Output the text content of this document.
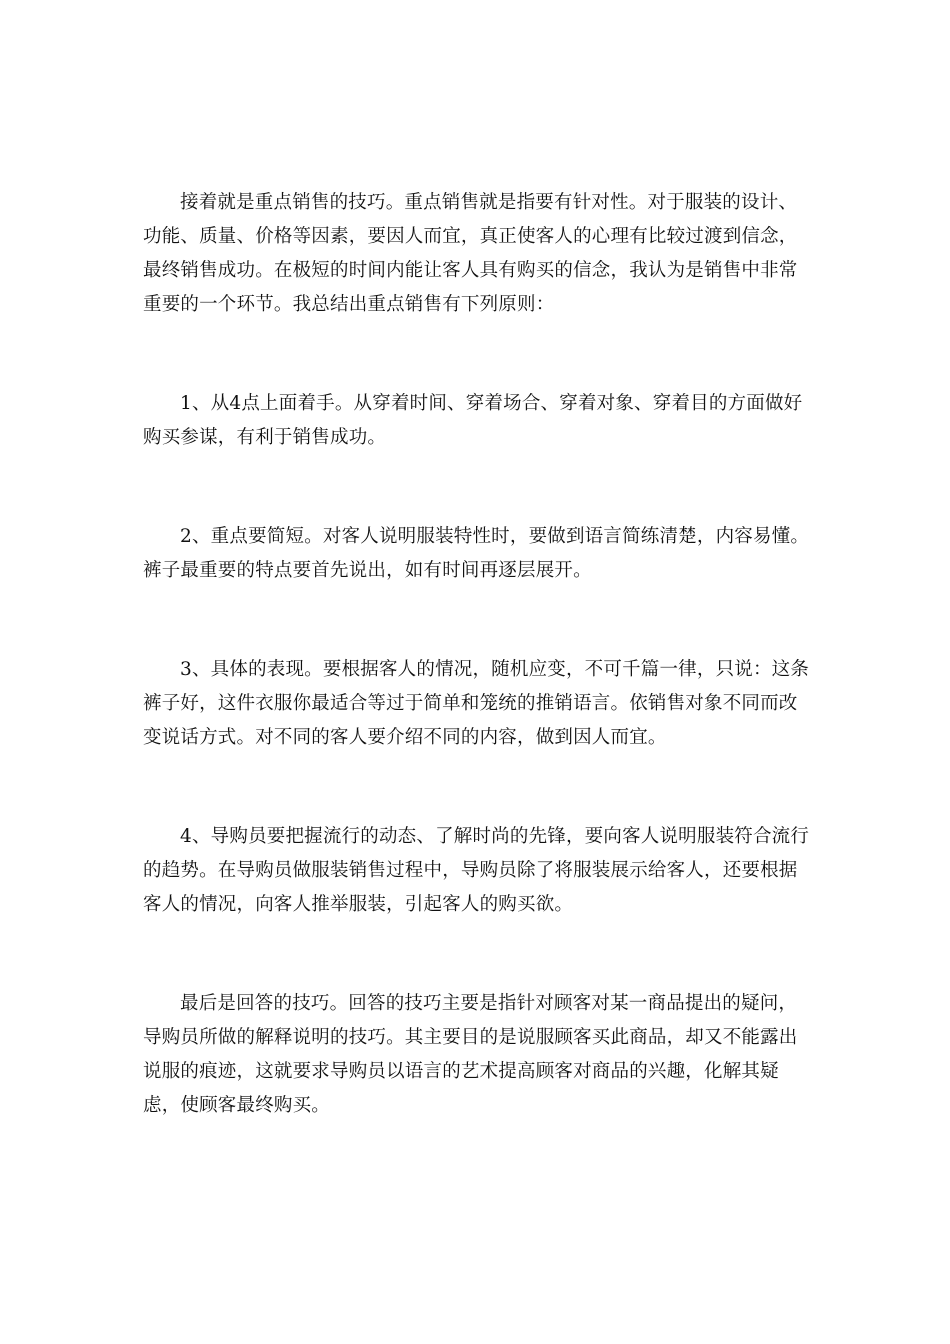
接着就是重点销售的技巧。重点销售就是指要有针对性。对于服装的设计、功能、质量、价格等因素，要因人而宜，真正使客人的心理有比较过渡到信念，最终销售成功。在极短的时间内能让客人具有购买的信念，我认为是销售中非常重要的一个环节。我总结出重点销售有下列原则：

1、从4点上面着手。从穿着时间、穿着场合、穿着对象、穿着目的方面做好购买参谋，有利于销售成功。

2、重点要简短。对客人说明服装特性时，要做到语言简练清楚，内容易懂。裤子最重要的特点要首先说出，如有时间再逐层展开。

3、具体的表现。要根据客人的情况，随机应变，不可千篇一律，只说：这条裤子好，这件衣服你最适合等过于简单和笼统的推销语言。依销售对象不同而改变说话方式。对不同的客人要介绍不同的内容，做到因人而宜。

4、导购员要把握流行的动态、了解时尚的先锋，要向客人说明服装符合流行的趋势。在导购员做服装销售过程中，导购员除了将服装展示给客人，还要根据客人的情况，向客人推举服装，引起客人的购买欲。

最后是回答的技巧。回答的技巧主要是指针对顾客对某一商品提出的疑问，导购员所做的解释说明的技巧。其主要目的是说服顾客买此商品，却又不能露出说服的痕迹，这就要求导购员以语言的艺术提高顾客对商品的兴趣，化解其疑虑，使顾客最终购买。
